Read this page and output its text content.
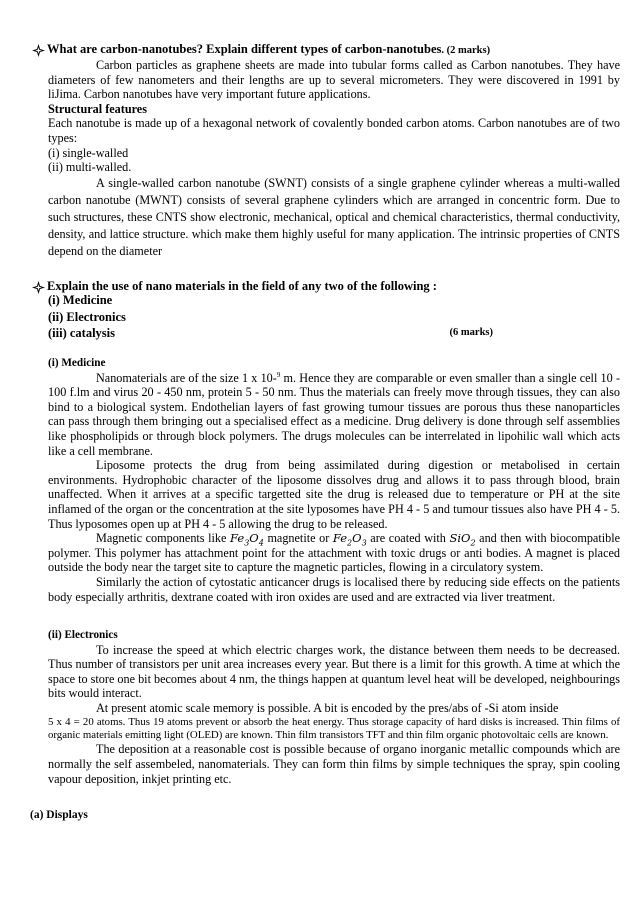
What are carbon-nanotubes? Explain different types of carbon-nanotubes. (2 marks)

Carbon particles as graphene sheets are made into tubular forms called as Carbon nanotubes. They have diameters of few nanometers and their lengths are up to several micrometers. They were discovered in 1991 by liJima. Carbon nanotubes have very important future applications.

Structural features

Each nanotube is made up of a hexagonal network of covalently bonded carbon atoms. Carbon nanotubes are of two types:

(i) single-walled

(ii) multi-walled.

A single-walled carbon nanotube (SWNT) consists of a single graphene cylinder whereas a multi-walled carbon nanotube (MWNT) consists of several graphene cylinders which are arranged in concentric form. Due to such structures, these CNTS show electronic, mechanical, optical and chemical characteristics, thermal conductivity, density, and lattice structure. which make them highly useful for many application. The intrinsic properties of CNTS depend on the diameter

Explain the use of nano materials in the field of any two of the following :
(i) Medicine
(ii) Electronics
(iii) catalysis	(6 marks)

(i) Medicine

Nanomaterials are of the size 1 x 10-$^9$ m. Hence they are comparable or even smaller than a single cell 10 - 100 f.lm and virus 20 - 450 nm, protein 5 - 50 nm. Thus the materials can freely move through tissues, they can also bind to a biological system. Endothelian layers of fast growing tumour tissues are porous thus these nanoparticles can pass through them bringing out a specialised effect as a medicine. Drug delivery is done through self assemblies like phospholipids or through block polymers. The drugs molecules can be interrelated in lipohilic wall which acts like a cell membrane.

Liposome protects the drug from being assimilated during digestion or metabolised in certain environments. Hydrophobic character of the liposome dissolves drug and allows it to pass through blood, brain unaffected. When it arrives at a specific targetted site the drug is released due to temperature or PH at the site inflamed of the organ or the concentration at the site lyposomes have PH 4 - 5 and tumour tissues also have PH 4 - 5. Thus lyposomes open up at PH 4 - 5 allowing the drug to be released.

Magnetic components like $Fe_3O_4$ magnetite or $Fe_2O_3$ are coated with SiO$_2$ and then with biocompatible polymer. This polymer has attachment point for the attachment with toxic drugs or anti bodies. A magnet is placed outside the body near the target site to capture the magnetic particles, flowing in a circulatory system.

Similarly the action of cytostatic anticancer drugs is localised there by reducing side effects on the patients body especially arthritis, dextrane coated with iron oxides are used and are extracted via liver treatment.

(ii) Electronics

To increase the speed at which electric charges work, the distance between them needs to be decreased. Thus number of transistors per unit area increases every year. But there is a limit for this growth. A time at which the space to store one bit becomes about 4 nm, the things happen at quantum level heat will be developed, neighbourings bits would interact.

At present atomic scale memory is possible. A bit is encoded by the pres/abs of -Si atom inside

5 x 4 = 20 atoms. Thus 19 atoms prevent or absorb the heat energy. Thus storage capacity of hard disks is increased. Thin films of organic materials emitting light (OLED) are known. Thin film transistors TFT and thin film organic photovoltaic cells are known.

The deposition at a reasonable cost is possible because of organo inorganic metallic compounds which are normally the self assembeled, nanomaterials. They can form thin films by simple techniques the spray, spin cooling vapour deposition, inkjet printing etc.

(a) Displays
